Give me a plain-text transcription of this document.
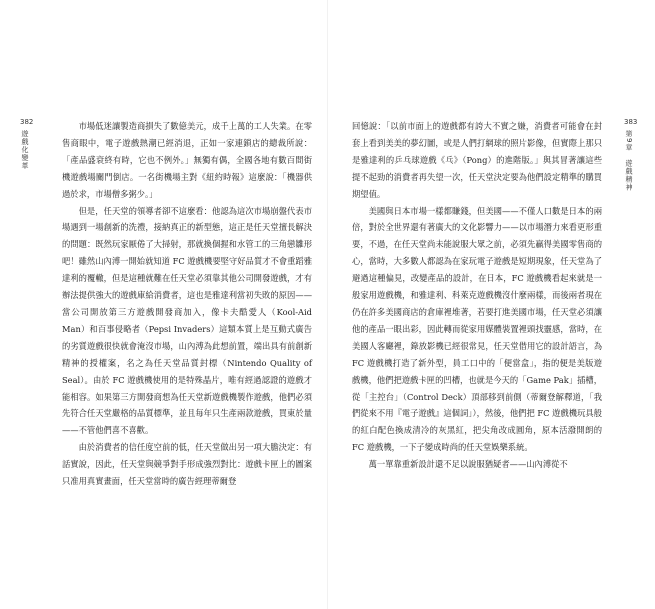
382
遊戲化變革

市場低迷讓製造商損失了數億美元，成千上萬的工人失業。在零售商眼中，電子遊戲熱潮已經消退，正如一家連鎖店的總裁所說：「產品盛衰終有時，它也不例外。」無獨有偶，全國各地有數百間街機遊戲場關門倒店。一名街機場主對《紐約時報》這麼說：「機器供過於求，市場僧多粥少。」

但是，任天堂的領導者卻不這麼看：他認為這次市場崩盤代表市場遇到一場創新的洗禮，接納真正的新型態，這正是任天堂擅長解決的問題：既然玩家厭倦了大掃射，那就換個握和水管工的三角戀雛形吧！雖然山內溥一開始就知道 FC 遊戲機要堅守好品質才不會重蹈雅達利的覆轍，但是這種就難在任天堂必須靠其他公司開發遊戲，才有辦法提供強大的遊戲庫給消費者，這也是雅達利當初失敗的原因——當公司開放第三方遊戲開發商加入，像卡夫酷愛人（Kool-Aid Man）和百事侵略者（Pepsi Invaders）這類本質上是互動式廣告的劣質遊戲很快就會淹沒市場，山內溥為此想前置，端出具有前創新精神的授權案，名之為任天堂品質封標（Nintendo Quality of Seal）。由於 FC 遊戲機使用的是特殊晶片，唯有經過認證的遊戲才能相容。如果第三方開發商想為任天堂新遊戲機製作遊戲，他們必須先符合任天堂嚴格的品質標準，並且每年只生產兩款遊戲，買東於量——不管他們喜不喜歡。

由於消費者的信任度空前的低，任天堂做出另一項大膽決定：有話實說，因此，任天堂與競爭對手形成強烈對比：遊戲卡匣上的圖案只准用真實畫面，任天堂當時的廣告經理蒂爾登

383
第9章　遊戲精神

回憶說：「以前市面上的遊戲都有誇大不實之嫌，消費者可能會在封套上看到美美的夢幻圖，或是人們打網球的照片影像，但實際上那只是雅達利的乒乓球遊戲《乓》（Pong）的進階版。」與其冒著讓這些提不起勁的消費者再失望一次，任天堂決定要為他們設定精準的購買期望值。

美國與日本市場一樣都賺錢，但美國——不僅人口數是日本的兩倍，對於全世界還有著廣大的文化影響力——以市場潛力來看更形重要，不過，在任天堂尚未能說服大眾之前，必須先贏得美國零售商的心，當時，大多數人都認為在家玩電子遊戲是短期現象，任天堂為了避過這種偏見，改變產品的設計，在日本，FC 遊戲機看起來就是一般家用遊戲機，和雅達利、科萊克遊戲機沒什麼兩樣，而後兩者現在仍在許多美國商店的倉庫裡堆著，若要打進美國市場，任天堂必須讓他的產品一眼出彩，因此轉而從家用媒體裝置裡頭找靈感，當時，在美國人客廳裡，錄放影機已經很常見，任天堂借用它的設計語言，為 FC 遊戲機打造了新外型，員工口中的「便當盒」，指的便是美版遊戲機，他們把遊戲卡匣的凹槽，也就是今天的「Game Pak」插槽，從「主控台」（Control Deck）頂部移到前側（蒂爾登解釋道，「我們從來不用『電子遊戲』這個詞」），然後，他們把 FC 遊戲機玩具般的紅白配色換成清冷的灰黑紅，把尖角改成圓角，原本活潑開朗的 FC 遊戲機，一下子變成時尚的任天堂娛樂系統。

萬一單靠重新設計還不足以說服猶疑者——山內溥從不
